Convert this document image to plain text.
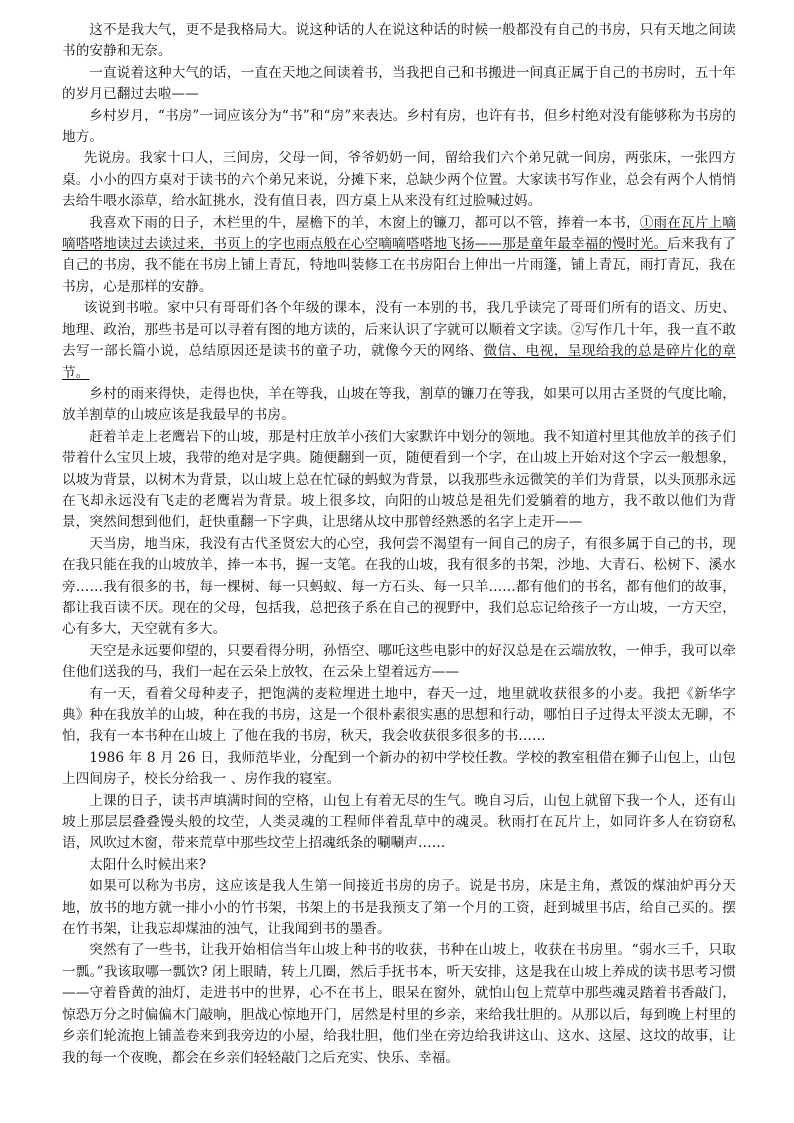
这不是我大气，更不是我格局大。说这种话的人在说这种话的时候一般都没有自己的书房，只有天地之间读书的安静和无奈。

一直说着这种大气的话，一直在天地之间读着书，当我把自己和书搬进一间真正属于自己的书房时，五十年的岁月已翻过去啦——

乡村岁月，“书房”一词应该分为“书”和“房”来表达。乡村有房，也许有书，但乡村绝对没有能够称为书房的地方。

先说房。我家十口人，三间房，父母一间，爷爷奶奶一间，留给我们六个弟兄就一间房，两张床，一张四方桌。小小的四方桌对于读书的六个弟兄来说，分摊下来，总缺少两个位置。大家读书写作业，总会有两个人悄悄去给牛喂水添草，给水缸挑水，没有值日表，四方桌上从来没有红过脸喊过妈。

我喜欢下雨的日子，木栏里的牛，屋檐下的羊，木窗上的镰刀，都可以不管，捧着一本书，①雨在瓦片上嘀嘀嗒嗒地读过去读过来，书页上的字也雨点般在心空嘀嘀嗒嗒地飞扬——那是童年最幸福的慢时光。后来我有了自己的书房，我不能在书房上铺上青瓦，特地叫装修工在书房阳台上伸出一片雨篷，铺上青瓦，雨打青瓦，我在书房，心是那样的安静。

该说到书啦。家中只有哥哥们各个年级的课本，没有一本别的书，我几乎读完了哥哥们所有的语文、历史、地理、政治，那些书是可以寻着有图的地方读的，后来认识了字就可以顺着文字读。②写作几十年，我一直不敢去写一部长篇小说，总结原因还是读书的童子功，就像今天的网络、微信、电视，呈现给我的总是碎片化的章节。

乡村的雨来得快，走得也快，羊在等我，山坡在等我，割草的镰刀在等我，如果可以用古圣贤的气度比喻，放羊割草的山坡应该是我最早的书房。

赶着羊走上老鹰岩下的山坡，那是村庄放羊小孩们大家默许中划分的领地。我不知道村里其他放羊的孩子们带着什么宝贝上坡，我带的绝对是字典。随便翻到一页，随便看到一个字，在山坡上开始对这个字云一般想象，以坡为背景，以树木为背景，以山坡上总在忙碌的蚂蚁为背景，以我那些永远微笑的羊们为背景，以头顶那永远在飞却永远没有飞走的老鹰岩为背景。坡上很多坟，向阳的山坡总是祖先们爱躺着的地方，我不敢以他们为背景，突然间想到他们，赶快重翻一下字典，让思绪从坟中那曾经熟悉的名字上走开——

天当房，地当床，我没有古代圣贤宏大的心空，我何尝不渴望有一间自己的房子，有很多属于自己的书，现在我只能在我的山坡放羊，捧一本书，握一支笔。在我的山坡，我有很多的书架，沙地、大青石、松树下、溪水旁……我有很多的书，每一棵树、每一只蚂蚁、每一方石头、每一只羊……都有他们的书名，都有他们的故事，都让我百读不厌。现在的父母，包括我，总把孩子系在自己的视野中，我们总忘记给孩子一方山坡，一方天空，心有多大，天空就有多大。

天空是永远要仰望的，只要看得分明，孙悟空、哪吒这些电影中的好汉总是在云端放牧，一伸手，我可以牵住他们送我的马，我们一起在云朵上放牧，在云朵上望着远方——

有一天，看着父母种麦子，把饱满的麦粒埋进土地中，春天一过，地里就收获很多的小麦。我把《新华字典》种在我放羊的山坡，种在我的书房，这是一个很朴素很实惠的思想和行动，哪怕日子过得太平淡太无聊，不怕，我有一本书种在山坡上 了他在我的书房，秋天，我会收获很多很多的书……

1986 年 8 月 26 日，我师范毕业，分配到一个新办的初中学校任教。学校的教室租借在狮子山包上，山包上四间房子，校长分给我一 、房作我的寝室。

上课的日子，读书声填满时间的空格，山包上有着无尽的生气。晚自习后，山包上就留下我一个人，还有山坡上那层层叠叠馒头般的坟茔，人类灵魂的工程师伴着乱草中的魂灵。秋雨打在瓦片上，如同许多人在窃窃私语，风吹过木窗，带来荒草中那些坟茔上招魂纸条的唰唰声……

太阳什么时候出来?

如果可以称为书房，这应该是我人生第一间接近书房的房子。说是书房，床是主角，煮饭的煤油炉再分天地，放书的地方就一排小小的竹书架，书架上的书是我预支了第一个月的工资，赶到城里书店，给自己买的。摆在竹书架，让我忘却煤油的浊气，让我闻到书的墨香。

突然有了一些书，让我开始相信当年山坡上种书的收获，书种在山坡上，收获在书房里。“弱水三千，只取一瓢。”我该取哪一瓢饮? 闭上眼睛，转上几圈，然后手抚书本，听天安排，这是我在山坡上养成的读书思考习惯——守着昏黄的油灯，走进书中的世界，心不在书上，眼呆在窗外，就怕山包上荒草中那些魂灵踏着书香敲门，惊恐万分之时偏偏木门敲响，胆战心惊地开门，居然是村里的乡亲，来给我壮胆的。从那以后，每到晚上村里的乡亲们轮流抱上铺盖卷来到我旁边的小屋，给我壮胆，他们坐在旁边给我讲这山、这水、这屋、这坟的故事，让我的每一个夜晚，都会在乡亲们轻轻敲门之后充实、快乐、幸福。
